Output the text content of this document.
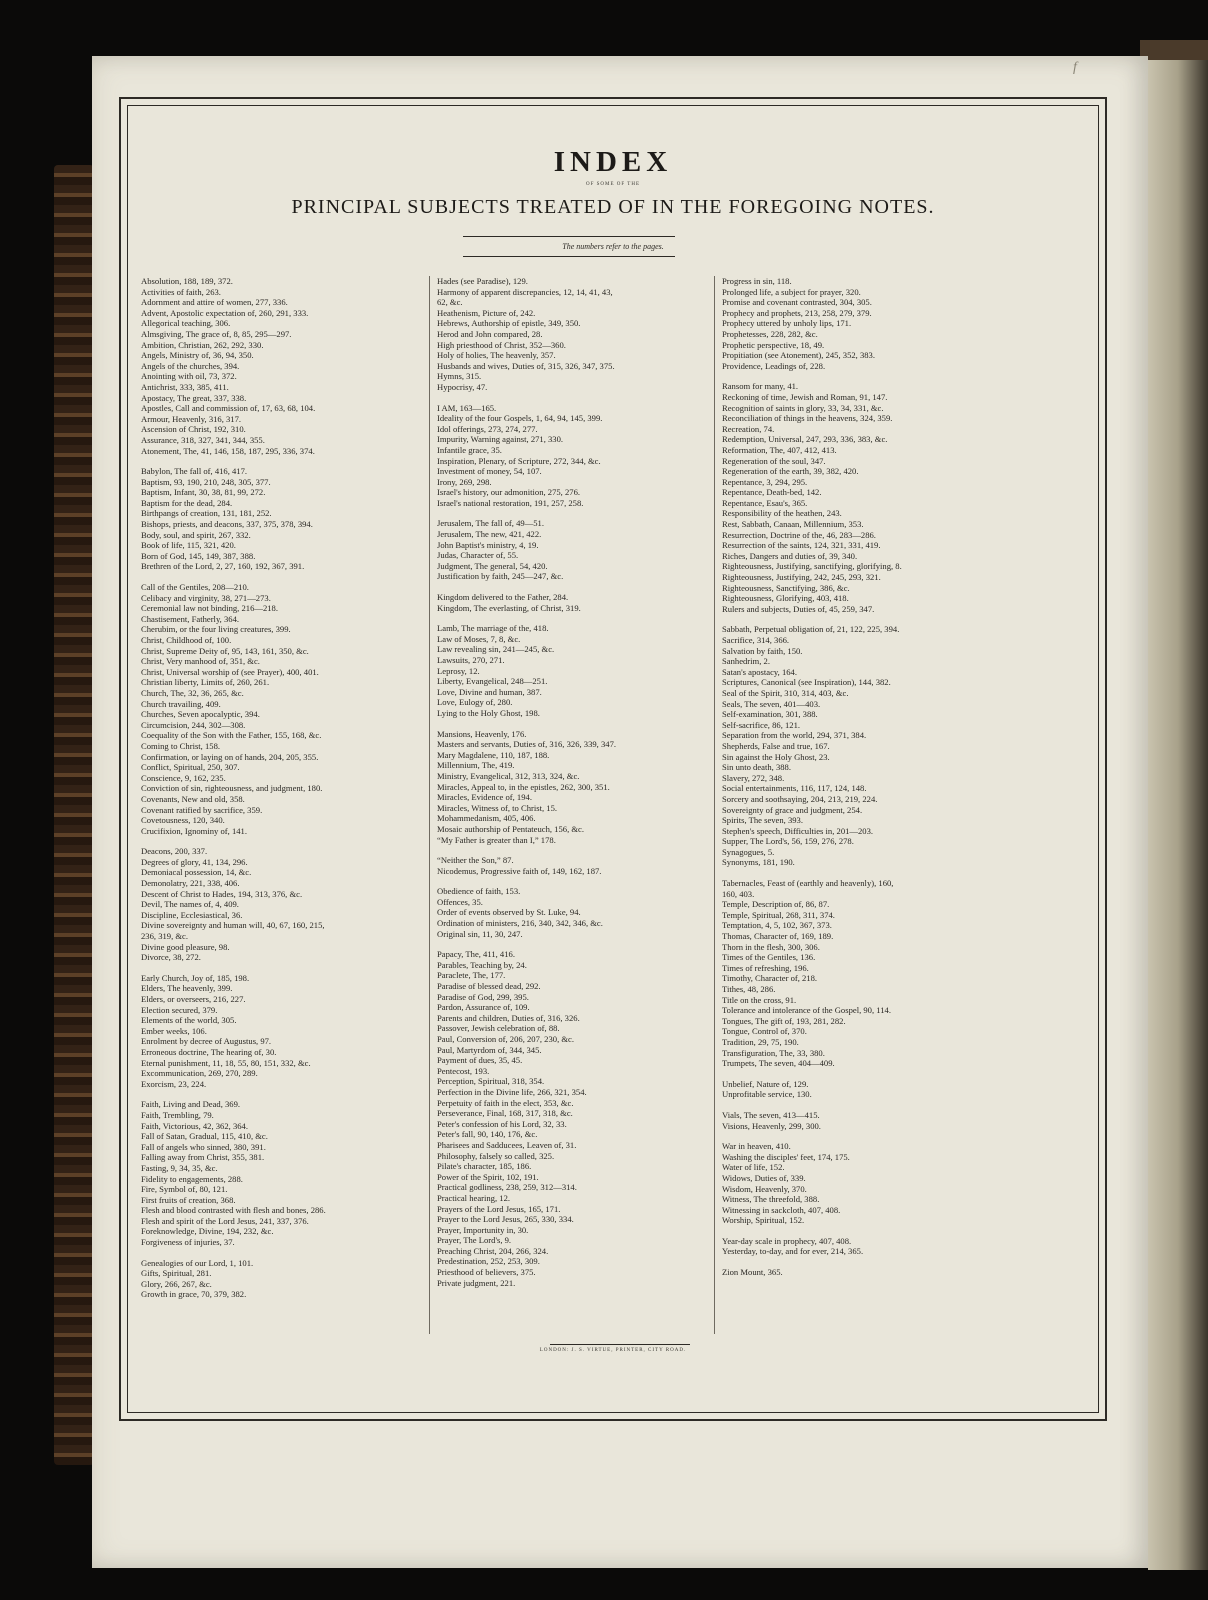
f
INDEX
OF SOME OF THE
PRINCIPAL SUBJECTS TREATED OF IN THE FOREGOING NOTES.
The numbers refer to the pages.
Absolution, 188, 189, 372.
Activities of faith, 263.
Adornment and attire of women, 277, 336.
Advent, Apostolic expectation of, 260, 291, 333.
Allegorical teaching, 306.
Almsgiving, The grace of, 8, 85, 295—297.
Ambition, Christian, 262, 292, 330.
Angels, Ministry of, 36, 94, 350.
Angels of the churches, 394.
Anointing with oil, 73, 372.
Antichrist, 333, 385, 411.
Apostacy, The great, 337, 338.
Apostles, Call and commission of, 17, 63, 68, 104.
Armour, Heavenly, 316, 317.
Ascension of Christ, 192, 310.
Assurance, 318, 327, 341, 344, 355.
Atonement, The, 41, 146, 158, 187, 295, 336, 374.
Babylon, The fall of, 416, 417.
Baptism, 93, 190, 210, 248, 305, 377.
Baptism, Infant, 30, 38, 81, 99, 272.
Baptism for the dead, 284.
Birthpangs of creation, 131, 181, 252.
Bishops, priests, and deacons, 337, 375, 378, 394.
Body, soul, and spirit, 267, 332.
Book of life, 115, 321, 420.
Born of God, 145, 149, 387, 388.
Brethren of the Lord, 2, 27, 160, 192, 367, 391.
Call of the Gentiles, 208—210.
Celibacy and virginity, 38, 271—273.
Ceremonial law not binding, 216—218.
Chastisement, Fatherly, 364.
Cherubim, or the four living creatures, 399.
Christ, Childhood of, 100.
Christ, Supreme Deity of, 95, 143, 161, 350, &c.
Christ, Very manhood of, 351, &c.
Christ, Universal worship of (see Prayer), 400, 401.
Christian liberty, Limits of, 260, 261.
Church, The, 32, 36, 265, &c.
Church travailing, 409.
Churches, Seven apocalyptic, 394.
Circumcision, 244, 302—308.
Coequality of the Son with the Father, 155, 168, &c.
Coming to Christ, 158.
Confirmation, or laying on of hands, 204, 205, 355.
Conflict, Spiritual, 250, 307.
Conscience, 9, 162, 235.
Conviction of sin, righteousness, and judgment, 180.
Covenants, New and old, 358.
Covenant ratified by sacrifice, 359.
Covetousness, 120, 340.
Crucifixion, Ignominy of, 141.
Deacons, 200, 337.
Degrees of glory, 41, 134, 296.
Demoniacal possession, 14, &c.
Demonolatry, 221, 338, 406.
Descent of Christ to Hades, 194, 313, 376, &c.
Devil, The names of, 4, 409.
Discipline, Ecclesiastical, 36.
Divine sovereignty and human will, 40, 67, 160, 215,
236, 319, &c.
Divine good pleasure, 98.
Divorce, 38, 272.
Early Church, Joy of, 185, 198.
Elders, The heavenly, 399.
Elders, or overseers, 216, 227.
Election secured, 379.
Elements of the world, 305.
Ember weeks, 106.
Enrolment by decree of Augustus, 97.
Erroneous doctrine, The hearing of, 30.
Eternal punishment, 11, 18, 55, 80, 151, 332, &c.
Excommunication, 269, 270, 289.
Exorcism, 23, 224.
Faith, Living and Dead, 369.
Faith, Trembling, 79.
Faith, Victorious, 42, 362, 364.
Fall of Satan, Gradual, 115, 410, &c.
Fall of angels who sinned, 380, 391.
Falling away from Christ, 355, 381.
Fasting, 9, 34, 35, &c.
Fidelity to engagements, 288.
Fire, Symbol of, 80, 121.
First fruits of creation, 368.
Flesh and blood contrasted with flesh and bones, 286.
Flesh and spirit of the Lord Jesus, 241, 337, 376.
Foreknowledge, Divine, 194, 232, &c.
Forgiveness of injuries, 37.
Genealogies of our Lord, 1, 101.
Gifts, Spiritual, 281.
Glory, 266, 267, &c.
Growth in grace, 70, 379, 382.
Hades (see Paradise), 129.
Harmony of apparent discrepancies, 12, 14, 41, 43,
62, &c.
Heathenism, Picture of, 242.
Hebrews, Authorship of epistle, 349, 350.
Herod and John compared, 28.
High priesthood of Christ, 352—360.
Holy of holies, The heavenly, 357.
Husbands and wives, Duties of, 315, 326, 347, 375.
Hymns, 315.
Hypocrisy, 47.
I AM, 163—165.
Ideality of the four Gospels, 1, 64, 94, 145, 399.
Idol offerings, 273, 274, 277.
Impurity, Warning against, 271, 330.
Infantile grace, 35.
Inspiration, Plenary, of Scripture, 272, 344, &c.
Investment of money, 54, 107.
Irony, 269, 298.
Israel's history, our admonition, 275, 276.
Israel's national restoration, 191, 257, 258.
Jerusalem, The fall of, 49—51.
Jerusalem, The new, 421, 422.
John Baptist's ministry, 4, 19.
Judas, Character of, 55.
Judgment, The general, 54, 420.
Justification by faith, 245—247, &c.
Kingdom delivered to the Father, 284.
Kingdom, The everlasting, of Christ, 319.
Lamb, The marriage of the, 418.
Law of Moses, 7, 8, &c.
Law revealing sin, 241—245, &c.
Lawsuits, 270, 271.
Leprosy, 12.
Liberty, Evangelical, 248—251.
Love, Divine and human, 387.
Love, Eulogy of, 280.
Lying to the Holy Ghost, 198.
Mansions, Heavenly, 176.
Masters and servants, Duties of, 316, 326, 339, 347.
Mary Magdalene, 110, 187, 188.
Millennium, The, 419.
Ministry, Evangelical, 312, 313, 324, &c.
Miracles, Appeal to, in the epistles, 262, 300, 351.
Miracles, Evidence of, 194.
Miracles, Witness of, to Christ, 15.
Mohammedanism, 405, 406.
Mosaic authorship of Pentateuch, 156, &c.
“My Father is greater than I,” 178.
“Neither the Son,” 87.
Nicodemus, Progressive faith of, 149, 162, 187.
Obedience of faith, 153.
Offences, 35.
Order of events observed by St. Luke, 94.
Ordination of ministers, 216, 340, 342, 346, &c.
Original sin, 11, 30, 247.
Papacy, The, 411, 416.
Parables, Teaching by, 24.
Paraclete, The, 177.
Paradise of blessed dead, 292.
Paradise of God, 299, 395.
Pardon, Assurance of, 109.
Parents and children, Duties of, 316, 326.
Passover, Jewish celebration of, 88.
Paul, Conversion of, 206, 207, 230, &c.
Paul, Martyrdom of, 344, 345.
Payment of dues, 35, 45.
Pentecost, 193.
Perception, Spiritual, 318, 354.
Perfection in the Divine life, 266, 321, 354.
Perpetuity of faith in the elect, 353, &c.
Perseverance, Final, 168, 317, 318, &c.
Peter's confession of his Lord, 32, 33.
Peter's fall, 90, 140, 176, &c.
Pharisees and Sadducees, Leaven of, 31.
Philosophy, falsely so called, 325.
Pilate's character, 185, 186.
Power of the Spirit, 102, 191.
Practical godliness, 238, 259, 312—314.
Practical hearing, 12.
Prayers of the Lord Jesus, 165, 171.
Prayer to the Lord Jesus, 265, 330, 334.
Prayer, Importunity in, 30.
Prayer, The Lord's, 9.
Preaching Christ, 204, 266, 324.
Predestination, 252, 253, 309.
Priesthood of believers, 375.
Private judgment, 221.
Progress in sin, 118.
Prolonged life, a subject for prayer, 320.
Promise and covenant contrasted, 304, 305.
Prophecy and prophets, 213, 258, 279, 379.
Prophecy uttered by unholy lips, 171.
Prophetesses, 228, 282, &c.
Prophetic perspective, 18, 49.
Propitiation (see Atonement), 245, 352, 383.
Providence, Leadings of, 228.
Ransom for many, 41.
Reckoning of time, Jewish and Roman, 91, 147.
Recognition of saints in glory, 33, 34, 331, &c.
Reconciliation of things in the heavens, 324, 359.
Recreation, 74.
Redemption, Universal, 247, 293, 336, 383, &c.
Reformation, The, 407, 412, 413.
Regeneration of the soul, 347.
Regeneration of the earth, 39, 382, 420.
Repentance, 3, 294, 295.
Repentance, Death-bed, 142.
Repentance, Esau's, 365.
Responsibility of the heathen, 243.
Rest, Sabbath, Canaan, Millennium, 353.
Resurrection, Doctrine of the, 46, 283—286.
Resurrection of the saints, 124, 321, 331, 419.
Riches, Dangers and duties of, 39, 340.
Righteousness, Justifying, sanctifying, glorifying, 8.
Righteousness, Justifying, 242, 245, 293, 321.
Righteousness, Sanctifying, 386, &c.
Righteousness, Glorifying, 403, 418.
Rulers and subjects, Duties of, 45, 259, 347.
Sabbath, Perpetual obligation of, 21, 122, 225, 394.
Sacrifice, 314, 366.
Salvation by faith, 150.
Sanhedrim, 2.
Satan's apostacy, 164.
Scriptures, Canonical (see Inspiration), 144, 382.
Seal of the Spirit, 310, 314, 403, &c.
Seals, The seven, 401—403.
Self-examination, 301, 388.
Self-sacrifice, 86, 121.
Separation from the world, 294, 371, 384.
Shepherds, False and true, 167.
Sin against the Holy Ghost, 23.
Sin unto death, 388.
Slavery, 272, 348.
Social entertainments, 116, 117, 124, 148.
Sorcery and soothsaying, 204, 213, 219, 224.
Sovereignty of grace and judgment, 254.
Spirits, The seven, 393.
Stephen's speech, Difficulties in, 201—203.
Supper, The Lord's, 56, 159, 276, 278.
Synagogues, 5.
Synonyms, 181, 190.
Tabernacles, Feast of (earthly and heavenly), 160,
160, 403.
Temple, Description of, 86, 87.
Temple, Spiritual, 268, 311, 374.
Temptation, 4, 5, 102, 367, 373.
Thomas, Character of, 169, 189.
Thorn in the flesh, 300, 306.
Times of the Gentiles, 136.
Times of refreshing, 196.
Timothy, Character of, 218.
Tithes, 48, 286.
Title on the cross, 91.
Tolerance and intolerance of the Gospel, 90, 114.
Tongues, The gift of, 193, 281, 282.
Tongue, Control of, 370.
Tradition, 29, 75, 190.
Transfiguration, The, 33, 380.
Trumpets, The seven, 404—409.
Unbelief, Nature of, 129.
Unprofitable service, 130.
Vials, The seven, 413—415.
Visions, Heavenly, 299, 300.
War in heaven, 410.
Washing the disciples' feet, 174, 175.
Water of life, 152.
Widows, Duties of, 339.
Wisdom, Heavenly, 370.
Witness, The threefold, 388.
Witnessing in sackcloth, 407, 408.
Worship, Spiritual, 152.
Year-day scale in prophecy, 407, 408.
Yesterday, to-day, and for ever, 214, 365.
Zion Mount, 365.
LONDON: J. S. VIRTUE, PRINTER, CITY ROAD.
